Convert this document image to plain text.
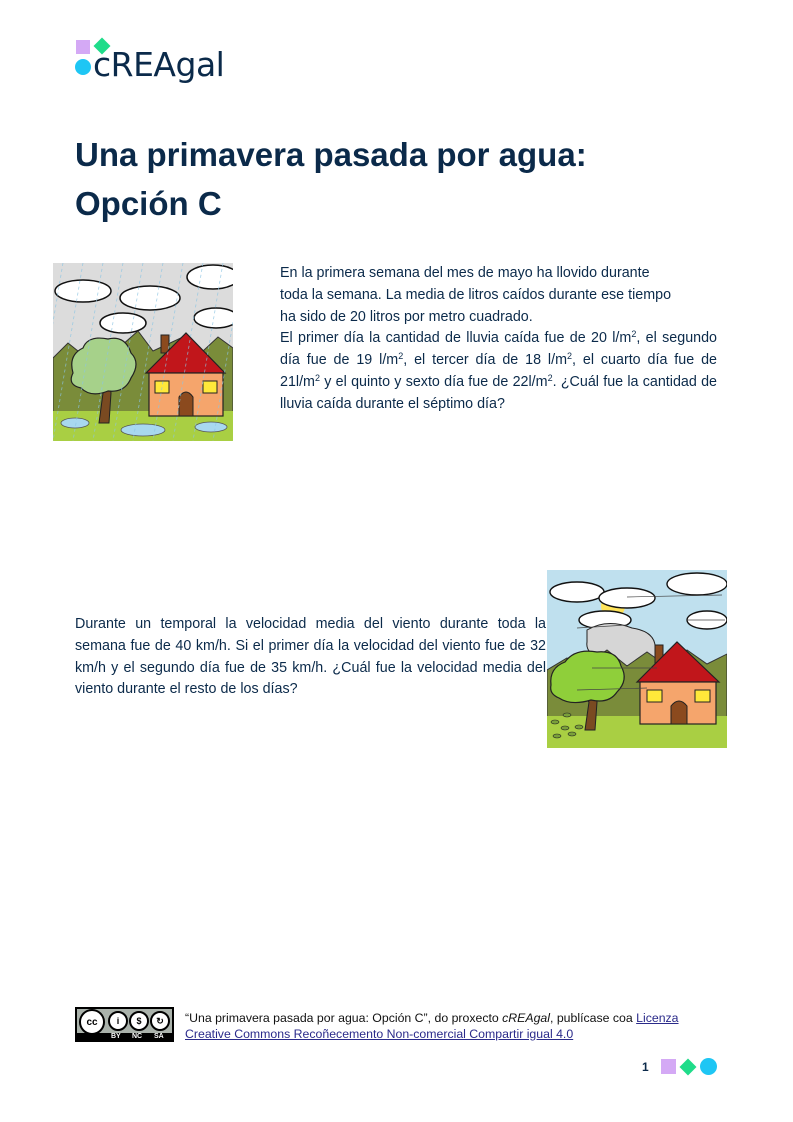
cREAgal
Una primavera pasada por agua:
Opción C
En la primera semana del mes de mayo ha llovido durante
toda la semana. La media de litros caídos durante ese tiempo
ha sido de 20 litros por metro cuadrado.
El primer día la cantidad de lluvia caída fue de 20 $l/m^2$, el segundo día fue de 19 $l/m^2$, el tercer día de 18 $l/m^2$, el cuarto día fue de $21l/m^2$ y el quinto y sexto día fue de $22l/m^2$. ¿Cuál fue la cantidad de lluvia caída durante el séptimo día?
Durante un temporal la velocidad media del viento durante toda la semana fue de 40 km/h. Si el primer día la velocidad del viento fue de 32 km/h y el segundo día fue de 35 km/h. ¿Cuál fue la velocidad media del viento durante el resto de los días?
cc	i	$	↻
BY NC SA
“Una primavera pasada por agua: Opción C”, do proxecto cREAgal, publícase coa Licenza Creative Commons Recoñecemento Non-comercial Compartir igual 4.0
1
